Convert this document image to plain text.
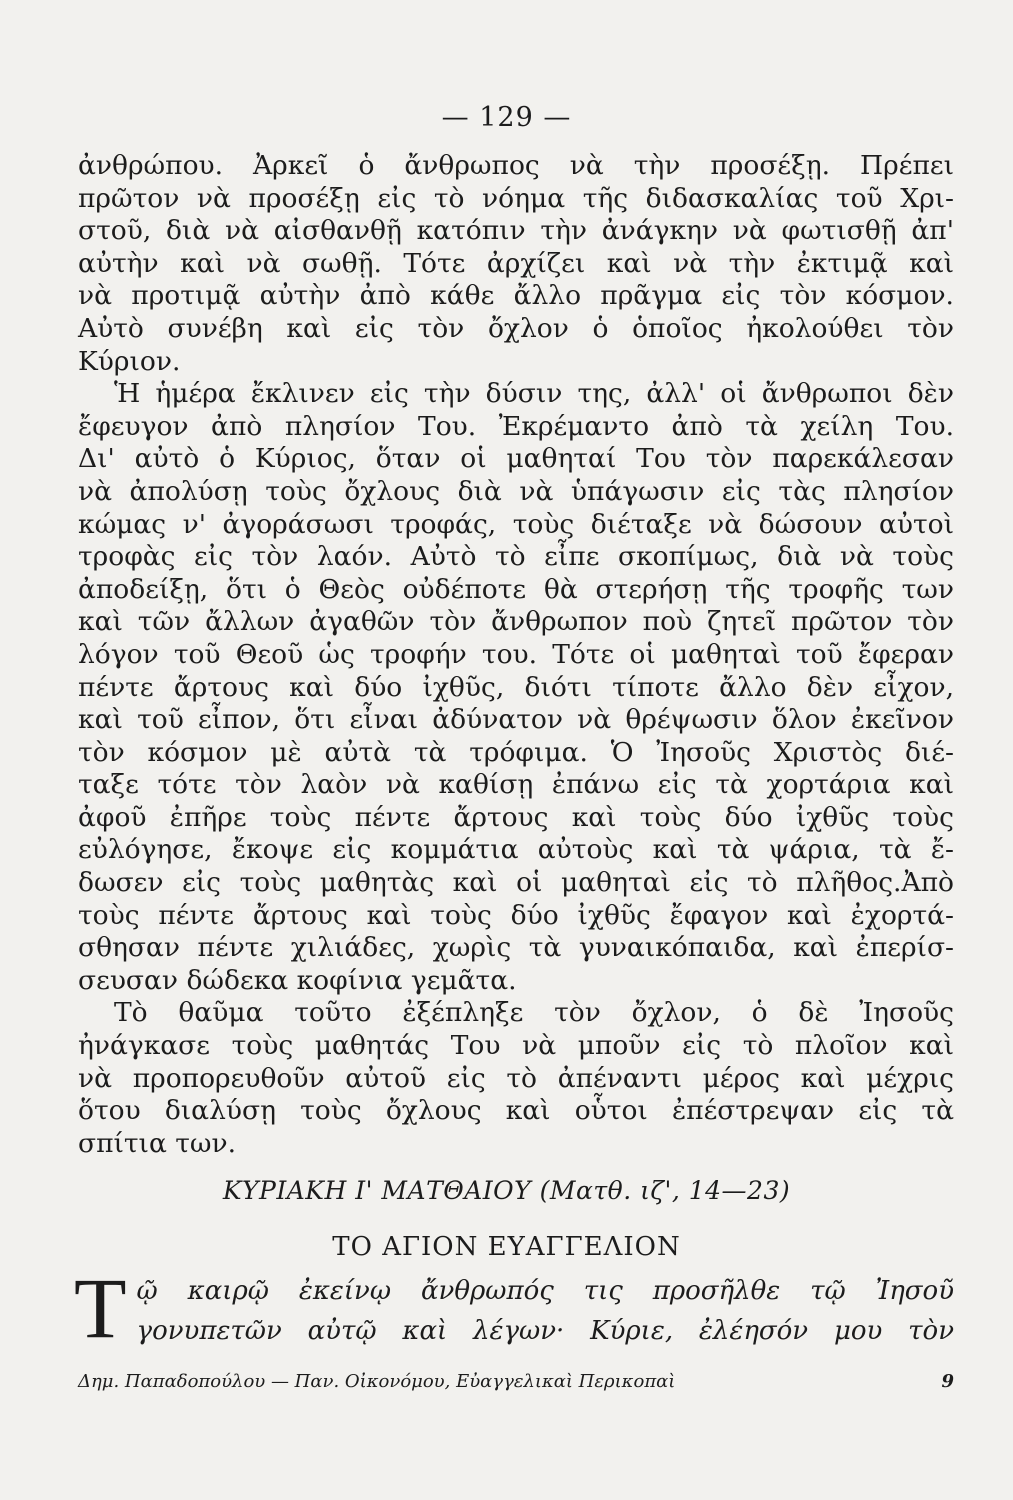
— 129 —
ἀνθρώπου. Ἀρκεῖ ὁ ἄνθρωπος νὰ τὴν προσέξῃ. Πρέπει
πρῶτον νὰ προσέξῃ εἰς τὸ νόημα τῆς διδασκαλίας τοῦ Χρι-
στοῦ, διὰ νὰ αἰσθανθῇ κατόπιν τὴν ἀνάγκην νὰ φωτισθῇ ἀπ'
αὐτὴν καὶ νὰ σωθῇ. Τότε ἀρχίζει καὶ νὰ τὴν ἐκτιμᾷ καὶ
νὰ προτιμᾷ αὐτὴν ἀπὸ κάθε ἄλλο πρᾶγμα εἰς τὸν κόσμον.
Αὐτὸ συνέβη καὶ εἰς τὸν ὄχλον ὁ ὁποῖος ἠκολούθει τὸν
Κύριον.
Ἡ ἡμέρα ἔκλινεν εἰς τὴν δύσιν της, ἀλλ' οἱ ἄνθρωποι δὲν
ἔφευγον ἀπὸ πλησίον Του. Ἐκρέμαντο ἀπὸ τὰ χείλη Του.
Δι' αὐτὸ ὁ Κύριος, ὅταν οἱ μαθηταί Του τὸν παρεκάλεσαν
νὰ ἀπολύσῃ τοὺς ὄχλους διὰ νὰ ὑπάγωσιν εἰς τὰς πλησίον
κώμας ν' ἀγοράσωσι τροφάς, τοὺς διέταξε νὰ δώσουν αὐτοὶ
τροφὰς εἰς τὸν λαόν. Αὐτὸ τὸ εἶπε σκοπίμως, διὰ νὰ τοὺς
ἀποδείξῃ, ὅτι ὁ Θεὸς οὐδέποτε θὰ στερήσῃ τῆς τροφῆς των
καὶ τῶν ἄλλων ἀγαθῶν τὸν ἄνθρωπον ποὺ ζητεῖ πρῶτον τὸν
λόγον τοῦ Θεοῦ ὡς τροφήν του. Τότε οἱ μαθηταὶ τοῦ ἔφεραν
πέντε ἄρτους καὶ δύο ἰχθῦς, διότι τίποτε ἄλλο δὲν εἶχον,
καὶ τοῦ εἶπον, ὅτι εἶναι ἀδύνατον νὰ θρέψωσιν ὅλον ἐκεῖνον
τὸν κόσμον μὲ αὐτὰ τὰ τρόφιμα. Ὁ Ἰησοῦς Χριστὸς διέ-
ταξε τότε τὸν λαὸν νὰ καθίσῃ ἐπάνω εἰς τὰ χορτάρια καὶ
ἀφοῦ ἐπῆρε τοὺς πέντε ἄρτους καὶ τοὺς δύο ἰχθῦς τοὺς
εὐλόγησε, ἔκοψε εἰς κομμάτια αὐτοὺς καὶ τὰ ψάρια, τὰ ἔ-
δωσεν εἰς τοὺς μαθητὰς καὶ οἱ μαθηταὶ εἰς τὸ πλῆθος.Ἀπὸ
τοὺς πέντε ἄρτους καὶ τοὺς δύο ἰχθῦς ἔφαγον καὶ ἐχορτά-
σθησαν πέντε χιλιάδες, χωρὶς τὰ γυναικόπαιδα, καὶ ἐπερίσ-
σευσαν δώδεκα κοφίνια γεμᾶτα.
Τὸ θαῦμα τοῦτο ἐξέπληξε τὸν ὄχλον, ὁ δὲ Ἰησοῦς
ἠνάγκασε τοὺς μαθητάς Του νὰ μποῦν εἰς τὸ πλοῖον καὶ
νὰ προπορευθοῦν αὐτοῦ εἰς τὸ ἀπέναντι μέρος καὶ μέχρις
ὅτου διαλύσῃ τοὺς ὄχλους καὶ οὗτοι ἐπέστρεψαν εἰς τὰ
σπίτια των.
ΚΥΡΙΑΚΗ Ι' ΜΑΤΘΑΙΟΥ (Ματθ. ιζ', 14—23)
ΤΟ ΑΓΙΟΝ ΕΥΑΓΓΕΛΙΟΝ
Τ ῷ καιρῷ ἐκείνῳ ἄνθρωπός τις προσῆλθε τῷ Ἰησοῦ
γονυπετῶν αὐτῷ καὶ λέγων· Κύριε, ἐλέησόν μου τὸν
Δημ. Παπαδοπούλου — Παν. Οἰκονόμου, Εὐαγγελικαὶ Περικοπαὶ	9
